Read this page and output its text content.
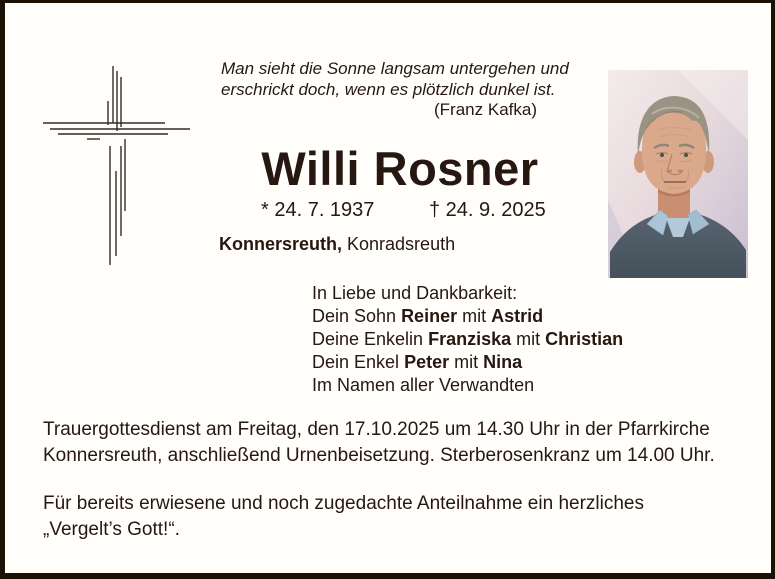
Man sieht die Sonne langsam untergehen und
erschrickt doch, wenn es plötzlich dunkel ist.
(Franz Kafka)
Willi Rosner
* 24. 7. 1937	† 24. 9. 2025
Konnersreuth, Konradsreuth
In Liebe und Dankbarkeit:
Dein Sohn Reiner mit Astrid
Deine Enkelin Franziska mit Christian
Dein Enkel Peter mit Nina
Im Namen aller Verwandten
Trauergottesdienst am Freitag, den 17.10.2025 um 14.30 Uhr in der Pfarrkirche
Konnersreuth, anschließend Urnenbeisetzung. Sterberosenkranz um 14.00 Uhr.
Für bereits erwiesene und noch zugedachte Anteilnahme ein herzliches
„Vergelt’s Gott!“.
